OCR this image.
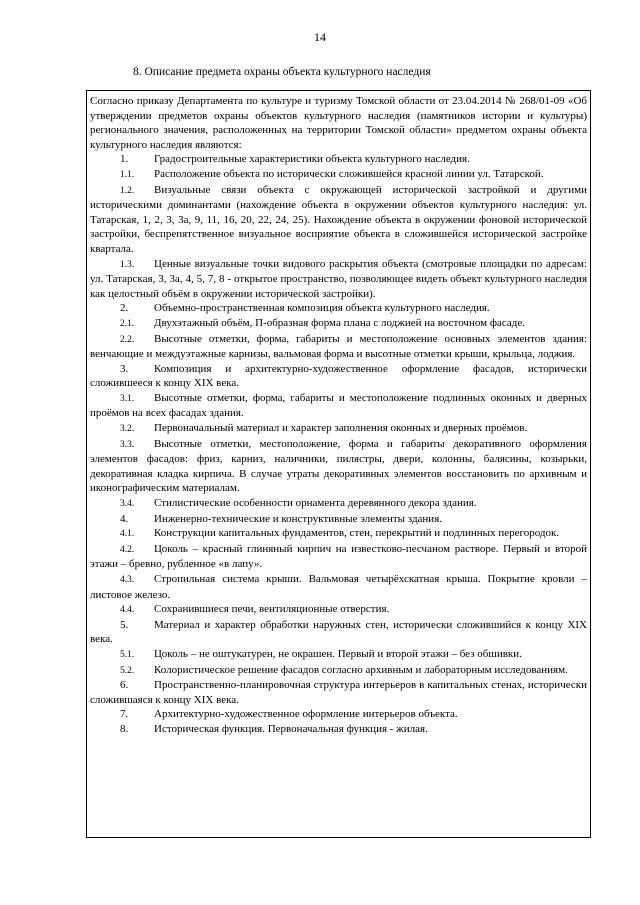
14
8. Описание предмета охраны объекта культурного наследия

Согласно приказу Департамента по культуре и туризму Томской области от 23.04.2014 № 268/01-09 «Об утверждении предметов охраны объектов культурного наследия (памятников истории и культуры) регионального значения, расположенных на территории Томской области» предметом охраны объекта культурного наследия являются:

1. Градостроительные характеристики объекта культурного наследия.

1.1. Расположение объекта по исторически сложившейся красной линии ул. Татарской.

1.2. Визуальные связи объекта с окружающей исторической застройкой и другими историческими доминантами (нахождение объекта в окружении объектов культурного наследия: ул. Татарская, 1, 2, 3, 3а, 9, 11, 16, 20, 22, 24, 25). Нахождение объекта в окружении фоновой исторической застройки, беспрепятственное визуальное восприятие объекта в сложившейся исторической застройке квартала.

1.3. Ценные визуальные точки видового раскрытия объекта (смотровые площадки по адресам: ул. Татарская, 3, 3а, 4, 5, 7, 8 - открытое пространство, позволяющее видеть объект культурного наследия как целостный объём в окружении исторической застройки).

2. Объемно-пространственная композиция объекта культурного наследия.

2.1. Двухэтажный объём, П-образная форма плана с лоджией на восточном фасаде.

2.2. Высотные отметки, форма, габариты и местоположение основных элементов здания: венчающие и междуэтажные карнизы, вальмовая форма и высотные отметки крыши, крыльца, лоджия.

3. Композиция и архитектурно-художественное оформление фасадов, исторически сложившееся к концу XIX века.

3.1. Высотные отметки, форма, габариты и местоположение подлинных оконных и дверных проёмов на всех фасадах здания.

3.2. Первоначальный материал и характер заполнения оконных и дверных проёмов.

3.3. Высотные отметки, местоположение, форма и габариты декоративного оформления элементов фасадов: фриз, карниз, наличники, пилястры, двери, колонны, балясины, козырьки, декоративная кладка кирпича. В случае утраты декоративных элементов восстановить по архивным и иконографическим материалам.

3.4. Стилистические особенности орнамента деревянного декора здания.

4. Инженерно-технические и конструктивные элементы здания.

4.1. Конструкции капитальных фундаментов, стен, перекрытий и подлинных перегородок.

4.2. Цоколь – красный глиняный кирпич на известково-песчаном растворе. Первый и второй этажи – бревно, рубленное «в лапу».

4.3. Стропильная система крыши. Вальмовая четырёхскатная крыша. Покрытие кровли – листовое железо.

4.4. Сохранившиеся печи, вентиляционные отверстия.

5. Материал и характер обработки наружных стен, исторически сложившийся к концу XIX века.

5.1. Цоколь – не оштукатурен, не окрашен. Первый и второй этажи – без обшивки.

5.2. Колористическое решение фасадов согласно архивным и лабораторным исследованиям.

6. Пространственно-планировочная структура интерьеров в капитальных стенах, исторически сложившаяся к концу XIX века.

7. Архитектурно-художественное оформление интерьеров объекта.

8. Историческая функция. Первоначальная функция - жилая.
